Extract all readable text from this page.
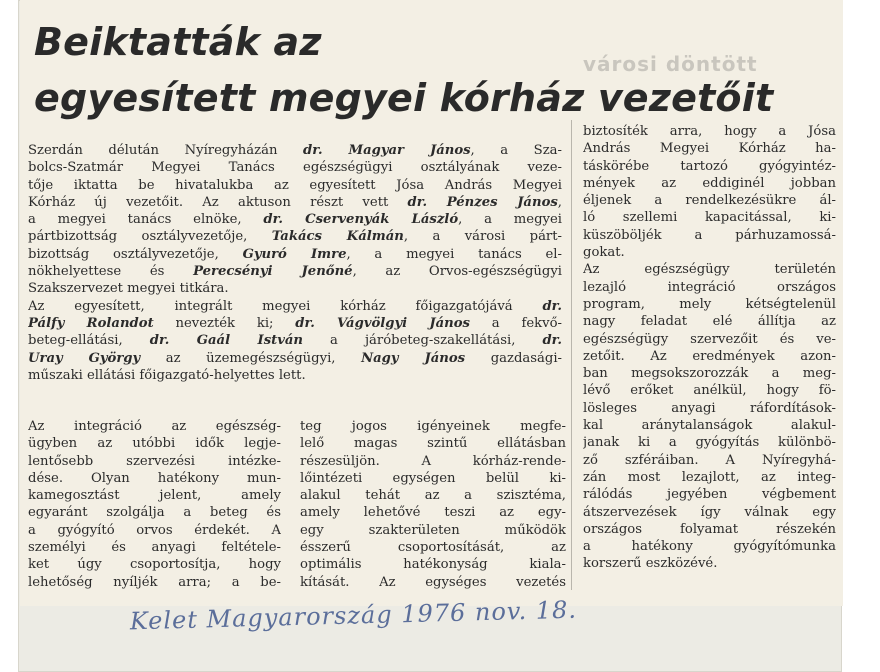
városi döntött
Beiktatták az
egyesített megyei kórház vezetőit
Szerdán délután Nyíregyházán dr. Magyar János, a Sza-
bolcs-Szatmár Megyei Tanács egészségügyi osztályának veze-
tője iktatta be hivatalukba az egyesített Jósa András Megyei
Kórház új vezetőit. Az aktuson részt vett dr. Pénzes János,
a megyei tanács elnöke, dr. Cservenyák László, a megyei
pártbizottság osztályvezetője, Takács Kálmán, a városi párt-
bizottság osztályvezetője, Gyuró Imre, a megyei tanács el-
nökhelyettese és Perecsényi Jenőné, az Orvos-egészségügyi
Szakszervezet megyei titkára.
Az egyesített, integrált megyei kórház főigazgatójává dr.
Pálfy Rolandot nevezték ki; dr. Vágvölgyi János a fekvő-
beteg-ellátási, dr. Gaál István a járóbeteg-szakellátási, dr.
Uray György az üzemegészségügyi, Nagy János gazdasági-
műszaki ellátási főigazgató-helyettes lett.
biztosíték arra, hogy a Jósa
András Megyei Kórház ha-
táskörébe tartozó gyógyintéz-
mények az eddiginél jobban
éljenek a rendelkezésükre ál-
ló szellemi kapacitással, ki-
küszöböljék a párhuzamossá-
gokat.
Az egészségügy területén
lezajló integráció országos
program, mely kétségtelenül
nagy feladat elé állítja az
egészségügy szervezőit és ve-
zetőit. Az eredmények azon-
ban megsokszorozzák a meg-
lévő erőket anélkül, hogy fö-
lösleges anyagi ráfordítások-
kal aránytalanságok alakul-
janak ki a gyógyítás különbö-
ző szféráiban. A Nyíregyhá-
zán most lezajlott, az integ-
rálódás jegyében végbement
átszervezések így válnak egy
országos folyamat részekén
a hatékony gyógyítómunka
korszerű eszközévé.
Az integráció az egészség-
ügyben az utóbbi idők legje-
lentősebb szervezési intézke-
dése. Olyan hatékony mun-
kamegosztást jelent, amely
egyaránt szolgálja a beteg és
a gyógyító orvos érdekét. A
személyi és anyagi feltétele-
ket úgy csoportosítja, hogy
lehetőség nyíljék arra; a be-
teg jogos igényeinek megfe-
lelő magas szintű ellátásban
részesüljön. A kórház-rende-
lőintézeti egységen belül ki-
alakul tehát az a szisztéma,
amely lehetővé teszi az egy-
egy szakterületen működök
ésszerű csoportosítását, az
optimális hatékonyság kiala-
kítását. Az egységes vezetés
Kelet Magyarország 1976 nov. 18.
